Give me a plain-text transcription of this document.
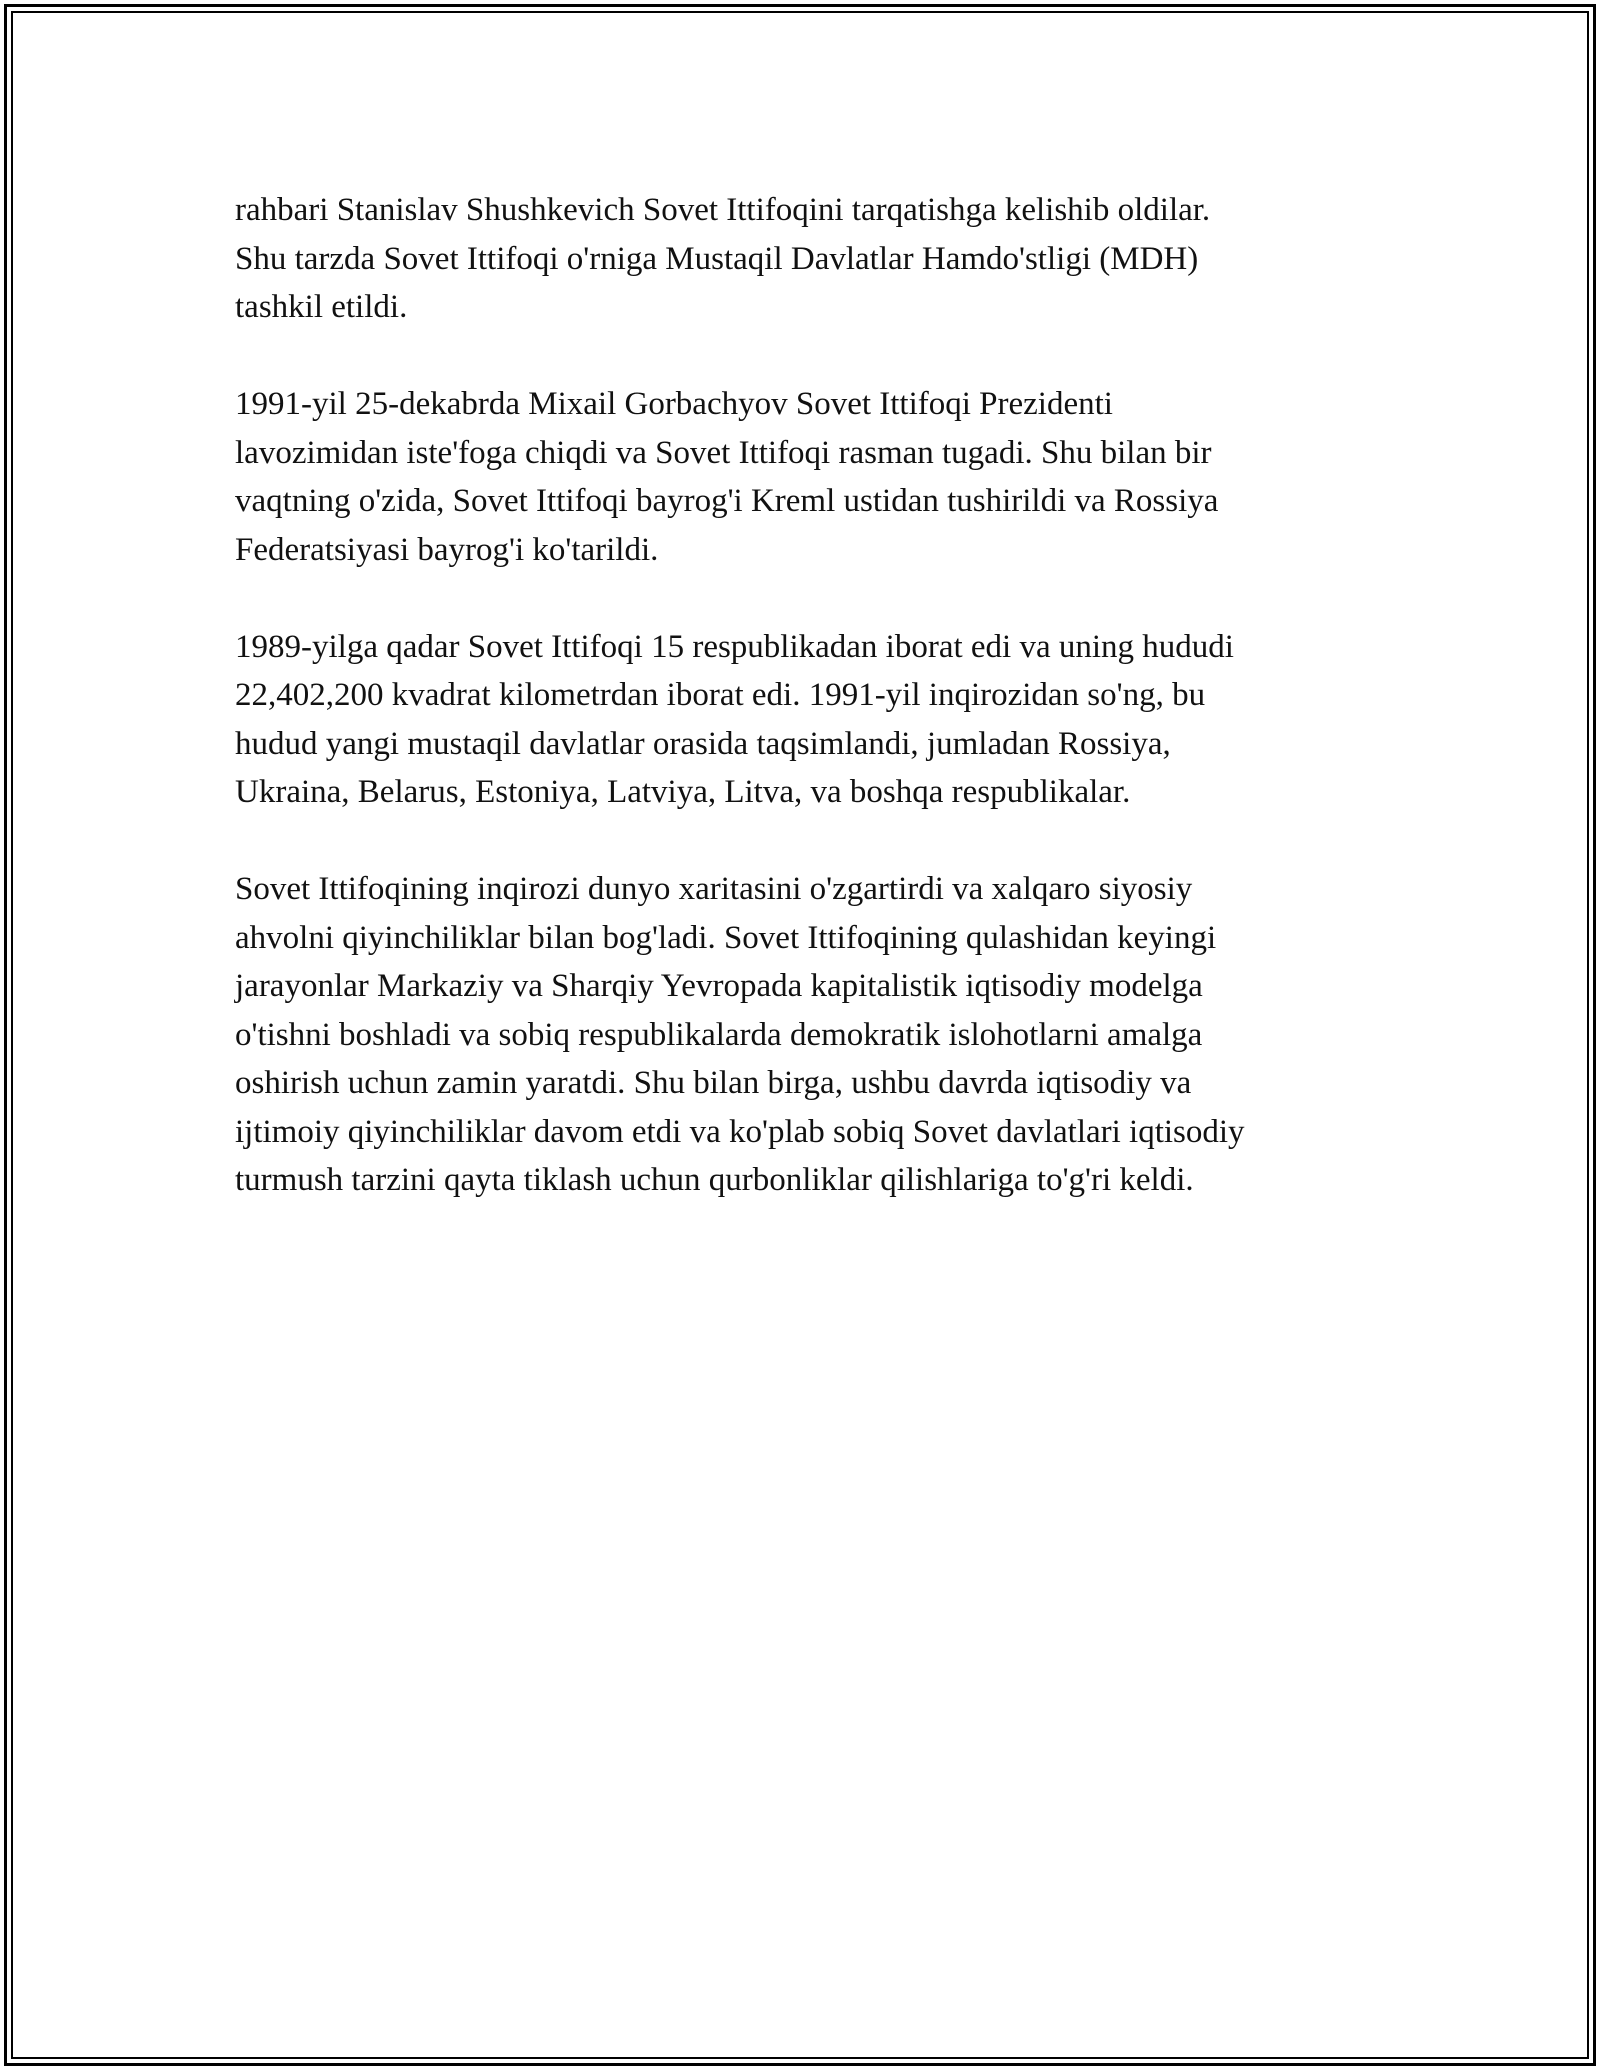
rahbari Stanislav Shushkevich Sovet Ittifoqini tarqatishga kelishib oldilar.
Shu tarzda Sovet Ittifoqi o'rniga Mustaqil Davlatlar Hamdo'stligi (MDH)
tashkil etildi.

1991-yil 25-dekabrda Mixail Gorbachyov Sovet Ittifoqi Prezidenti
lavozimidan iste'foga chiqdi va Sovet Ittifoqi rasman tugadi. Shu bilan bir
vaqtning o'zida, Sovet Ittifoqi bayrog'i Kreml ustidan tushirildi va Rossiya
Federatsiyasi bayrog'i ko'tarildi.

1989-yilga qadar Sovet Ittifoqi 15 respublikadan iborat edi va uning hududi
22,402,200 kvadrat kilometrdan iborat edi. 1991-yil inqirozidan so'ng, bu
hudud yangi mustaqil davlatlar orasida taqsimlandi, jumladan Rossiya,
Ukraina, Belarus, Estoniya, Latviya, Litva, va boshqa respublikalar.

Sovet Ittifoqining inqirozi dunyo xaritasini o'zgartirdi va xalqaro siyosiy
ahvolni qiyinchiliklar bilan bog'ladi. Sovet Ittifoqining qulashidan keyingi
jarayonlar Markaziy va Sharqiy Yevropada kapitalistik iqtisodiy modelga
o'tishni boshladi va sobiq respublikalarda demokratik islohotlarni amalga
oshirish uchun zamin yaratdi. Shu bilan birga, ushbu davrda iqtisodiy va
ijtimoiy qiyinchiliklar davom etdi va ko'plab sobiq Sovet davlatlari iqtisodiy
turmush tarzini qayta tiklash uchun qurbonliklar qilishlariga to'g'ri keldi.
